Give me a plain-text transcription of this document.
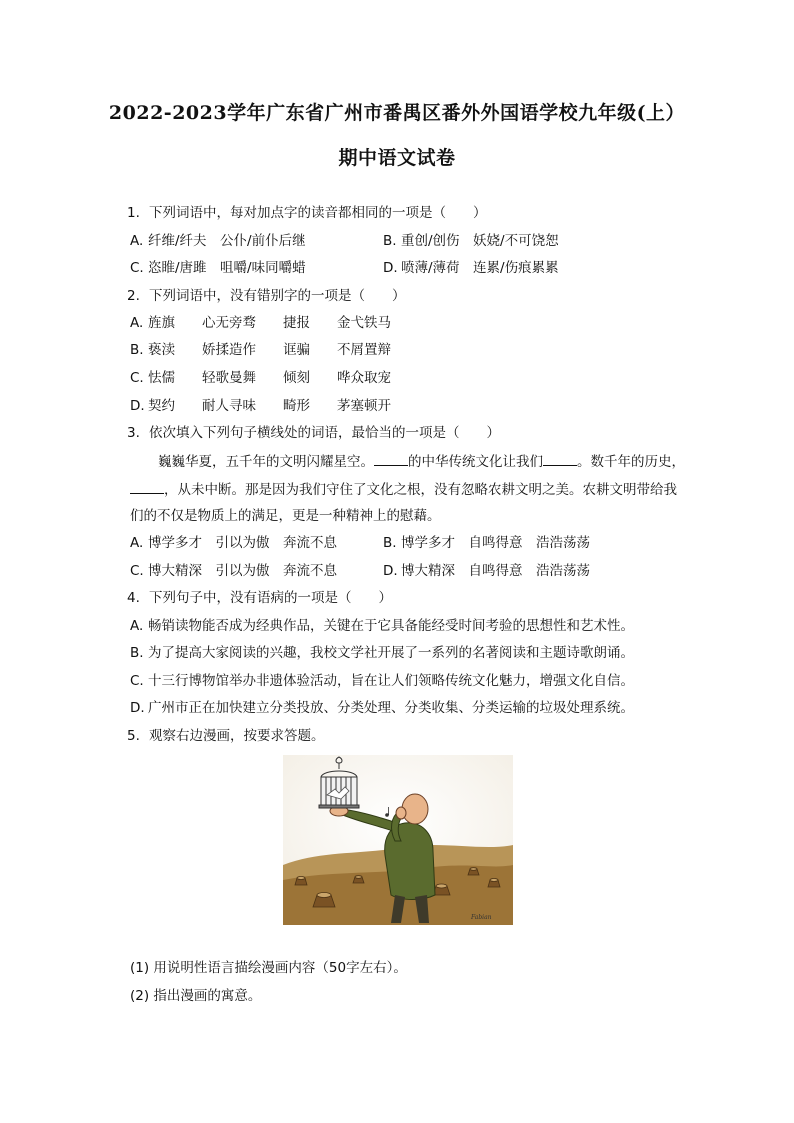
2022-2023学年广东省广州市番禺区番外外国语学校九年级(上）
期中语文试卷
1. 下列词语中，每对加点字的读音都相同的一项是（　　）
A. 纤维/纤夫　公仆/前仆后继	B. 重创/创伤　妖娆/不可饶恕
C. 恣睢/唐雎　咀嚼/味同嚼蜡	D. 喷薄/薄荷　连累/伤痕累累
2. 下列词语中，没有错别字的一项是（　　）
A. 旌旗　　心无旁骛　　捷报　　金弋铁马
B. 亵渎　　娇揉造作　　诓骗　　不屑置辩
C. 怯儒　　轻歌曼舞　　倾刻　　哗众取宠
D. 契约　　耐人寻味　　畸形　　茅塞顿开
3. 依次填入下列句子横线处的词语，最恰当的一项是（　　）
巍巍华夏，五千年的文明闪耀星空。	的中华传统文化让我们	。数千年的历史，
，从未中断。那是因为我们守住了文化之根，没有忽略农耕文明之美。农耕文明带给我
们的不仅是物质上的满足，更是一种精神上的慰藉。
A. 博学多才　引以为傲　奔流不息	B. 博学多才　自鸣得意　浩浩荡荡
C. 博大精深　引以为傲　奔流不息	D. 博大精深　自鸣得意　浩浩荡荡
4. 下列句子中，没有语病的一项是（　　）
A. 畅销读物能否成为经典作品，关键在于它具备能经受时间考验的思想性和艺术性。
B. 为了提高大家阅读的兴趣，我校文学社开展了一系列的名著阅读和主题诗歌朗诵。
C. 十三行博物馆举办非遗体验活动，旨在让人们领略传统文化魅力，增强文化自信。
D. 广州市正在加快建立分类投放、分类处理、分类收集、分类运输的垃圾处理系统。
5. 观察右边漫画，按要求答题。
Fabian
(1) 用说明性语言描绘漫画内容（50字左右）。
(2) 指出漫画的寓意。
